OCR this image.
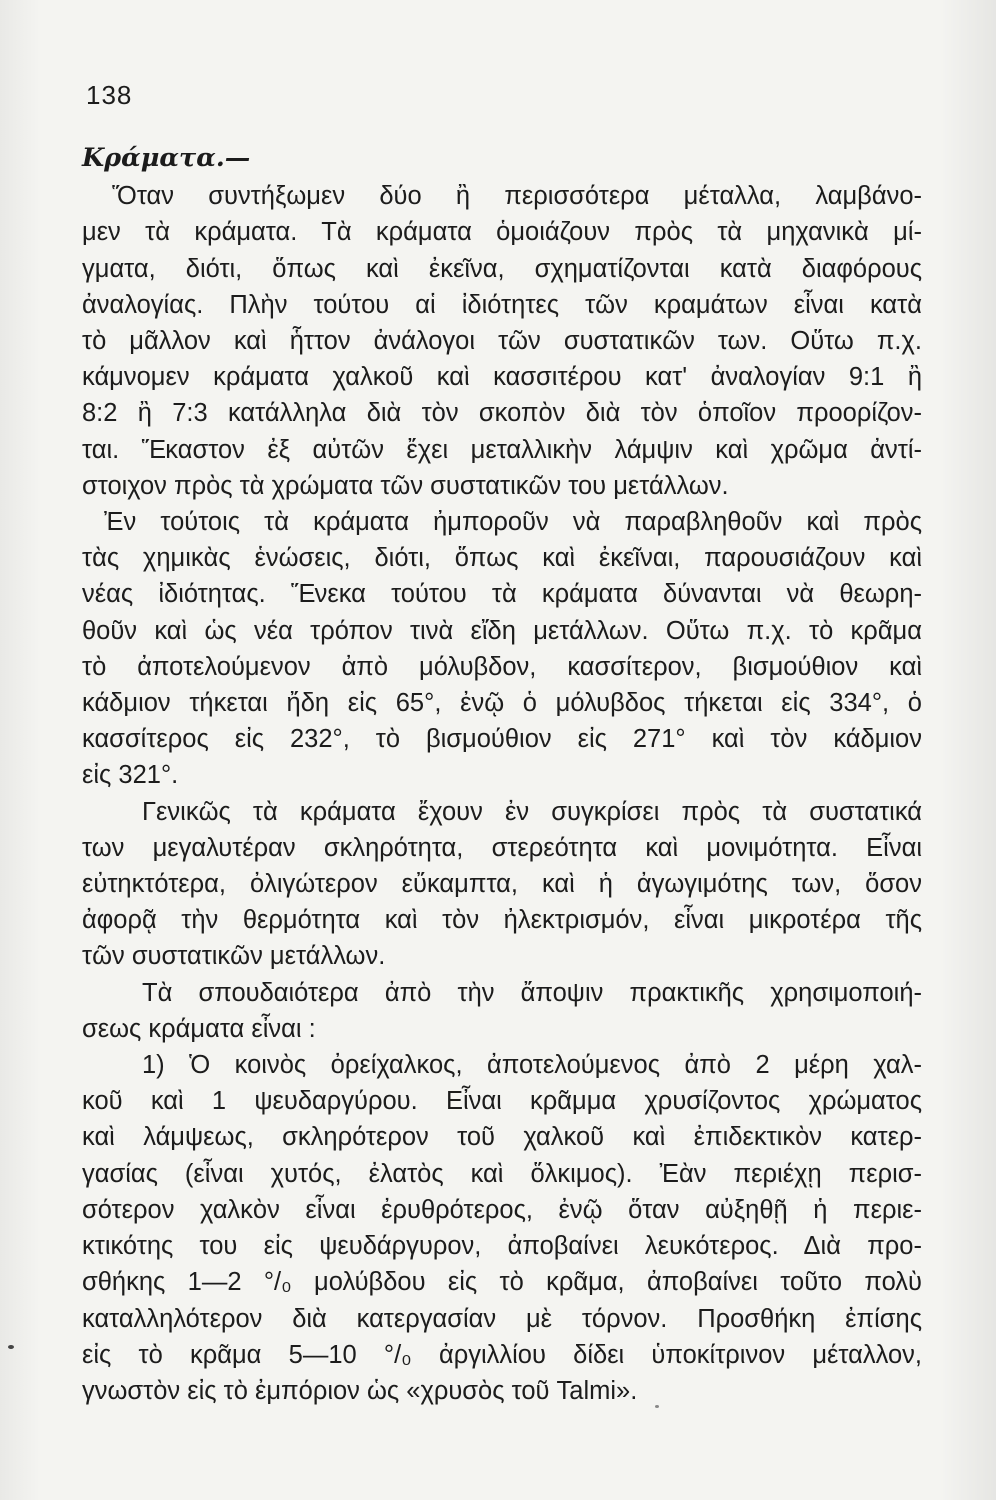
138
Κράματα.—
Ὅταν συντήξωμεν δύο ἢ περισσότερα μέταλλα, λαμβάνο-
μεν τὰ κράματα. Τὰ κράματα ὁμοιάζουν πρὸς τὰ μηχανικὰ μί-
γματα, διότι, ὅπως καὶ ἐκεῖνα, σχηματίζονται κατὰ διαφόρους
ἀναλογίας. Πλὴν τούτου αἱ ἰδιότητες τῶν κραμάτων εἶναι κατὰ
τὸ μᾶλλον καὶ ἧττον ἀνάλογοι τῶν συστατικῶν των. Οὕτω π.χ.
κάμνομεν κράματα χαλκοῦ καὶ κασσιτέρου κατ' ἀναλογίαν 9:1 ἢ
8:2 ἢ 7:3 κατάλληλα διὰ τὸν σκοπὸν διὰ τὸν ὁποῖον προορίζον-
ται. Ἕκαστον ἐξ αὐτῶν ἔχει μεταλλικὴν λάμψιν καὶ χρῶμα ἀντί-
στοιχον πρὸς τὰ χρώματα τῶν συστατικῶν του μετάλλων.
Ἐν τούτοις τὰ κράματα ἠμποροῦν νὰ παραβληθοῦν καὶ πρὸς
τὰς χημικὰς ἑνώσεις, διότι, ὅπως καὶ ἐκεῖναι, παρουσιάζουν καὶ
νέας ἰδιότητας. Ἕνεκα τούτου τὰ κράματα δύνανται νὰ θεωρη-
θοῦν καὶ ὡς νέα τρόπον τινὰ εἴδη μετάλλων. Οὕτω π.χ. τὸ κρᾶμα
τὸ ἀποτελούμενον ἀπὸ μόλυβδον, κασσίτερον, βισμούθιον καὶ
κάδμιον τήκεται ἤδη εἰς 65°, ἐνῷ ὁ μόλυβδος τήκεται εἰς 334°, ὁ
κασσίτερος εἰς 232°, τὸ βισμούθιον εἰς 271° καὶ τὸν κάδμιον
εἰς 321°.
Γενικῶς τὰ κράματα ἔχουν ἐν συγκρίσει πρὸς τὰ συστατικά
των μεγαλυτέραν σκληρότητα, στερεότητα καὶ μονιμότητα. Εἶναι
εὐτηκτότερα, ὀλιγώτερον εὔκαμπτα, καὶ ἡ ἀγωγιμότης των, ὅσον
ἀφορᾷ τὴν θερμότητα καὶ τὸν ἠλεκτρισμόν, εἶναι μικροτέρα τῆς
τῶν συστατικῶν μετάλλων.
Τὰ σπουδαιότερα ἀπὸ τὴν ἄποψιν πρακτικῆς χρησιμοποιή-
σεως κράματα εἶναι :
1) Ὁ κοινὸς ὀρείχαλκος, ἀποτελούμενος ἀπὸ 2 μέρη χαλ-
κοῦ καὶ 1 ψευδαργύρου. Εἶναι κρᾶμμα χρυσίζοντος χρώματος
καὶ λάμψεως, σκληρότερον τοῦ χαλκοῦ καὶ ἐπιδεκτικὸν κατερ-
γασίας (εἶναι χυτός, ἐλατὸς καὶ ὅλκιμος). Ἐὰν περιέχῃ περισ-
σότερον χαλκὸν εἶναι ἐρυθρότερος, ἐνῷ ὅταν αὐξηθῇ ἡ περιε-
κτικότης του εἰς ψευδάργυρον, ἀποβαίνει λευκότερος. Διὰ προ-
σθήκης 1—2 °/₀ μολύβδου εἰς τὸ κρᾶμα, ἀποβαίνει τοῦτο πολὺ
καταλληλότερον διὰ κατεργασίαν μὲ τόρνον. Προσθήκη ἐπίσης
εἰς τὸ κρᾶμα 5—10 °/₀ ἀργιλλίου δίδει ὑποκίτρινον μέταλλον,
γνωστὸν εἰς τὸ ἐμπόριον ὡς «χρυσὸς τοῦ Talmi».
